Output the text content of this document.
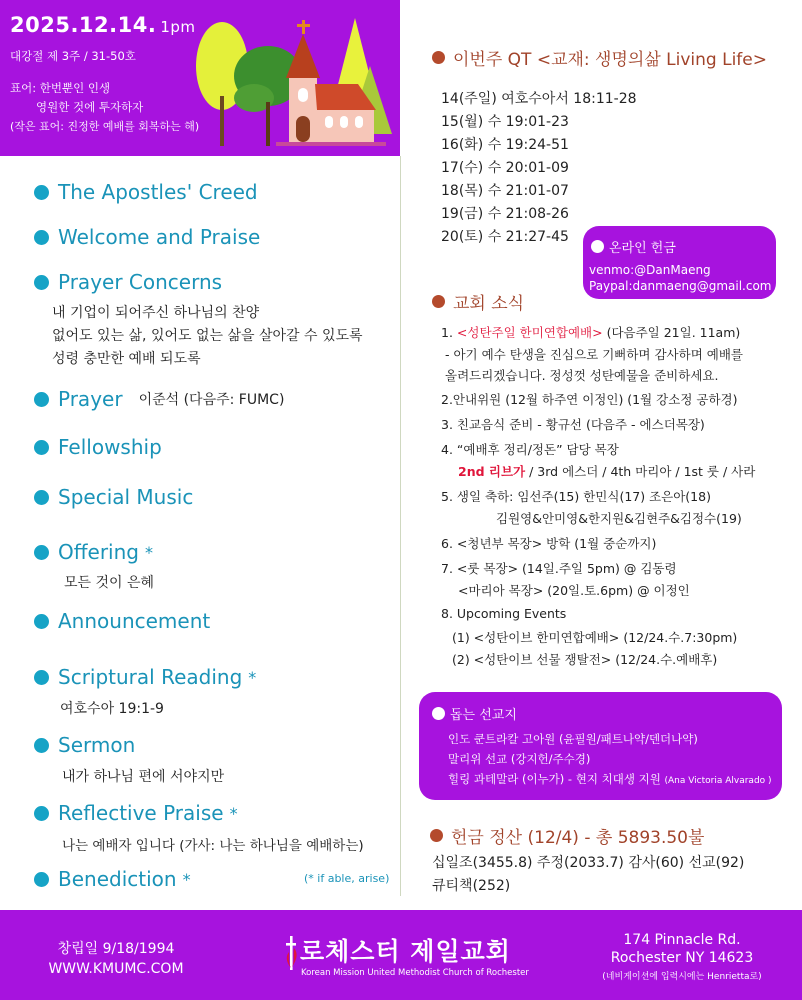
2025.12.14. 1pm
대강절 제 3주 / 31-50호
표어: 한번뿐인 인생
영원한 것에 투자하자
(작은 표어: 진정한 예배를 회복하는 해)
The Apostles' Creed
Welcome and Praise
Prayer Concerns
내 기업이 되어주신 하나님의 찬양
없어도 있는 삶, 있어도 없는 삶을 살아갈 수 있도록
성령 충만한 예배 되도록
Prayer 이준석 (다음주: FUMC)
Fellowship
Special Music
Offering *
모든 것이 은혜
Announcement
Scriptural Reading *
여호수아 19:1-9
Sermon
내가 하나님 편에 서야지만
Reflective Praise *
나는 예배자 입니다 (가사: 나는 하나님을 예배하는)
Benediction *	(* if able, arise)
이번주 QT <교재: 생명의삶 Living Life>
14(주일) 여호수아서 18:11-28
15(월) 수 19:01-23
16(화) 수 19:24-51
17(수) 수 20:01-09
18(목) 수 21:01-07
19(금) 수 21:08-26
20(토) 수 21:27-45
온라인 헌금
venmo:@DanMaeng
Paypal:danmaeng@gmail.com
교회 소식
1. <성탄주일 한미연합예배> (다음주일 21일. 11am)
- 아기 예수 탄생을 진심으로 기뻐하며 감사하며 예배를
올려드리겠습니다. 정성껏 성탄예물을 준비하세요.
2.안내위원 (12월 하주연 이정인) (1월 강소정 공하경)
3. 친교음식 준비 - 황규선 (다음주 - 에스더목장)
4. “예배후 정리/정돈” 담당 목장
2nd 리브가 / 3rd 에스더 / 4th 마리아 / 1st 룻 / 사라
5. 생일 축하: 임선주(15) 한민식(17) 조은아(18)
김원영&안미영&한지원&김현주&김정수(19)
6. <청년부 목장> 방학 (1월 중순까지)
7. <룻 목장> (14일.주일 5pm) @ 김동령
<마리아 목장> (20일.토.6pm) @ 이정인
8. Upcoming Events
(1) <성탄이브 한미연합예배> (12/24.수.7:30pm)
(2) <성탄이브 선물 쟁탈전> (12/24.수.예배후)
돕는 선교지
인도 쿤트라칼 고아원 (윤필원/패트나약/덴더나약)
말리위 선교 (강지헌/주수경)
힐링 과테말라 (이누가) - 현지 치대생 지원 (Ana Victoria Alvarado )
헌금 정산 (12/4) - 총 5893.50불
십일조(3455.8) 주정(2033.7) 감사(60) 선교(92)
큐티책(252)
창립일 9/18/1994
WWW.KMUMC.COM
로체스터 제일교회
Korean Mission United Methodist Church of Rochester
174 Pinnacle Rd.
Rochester NY 14623
(네비게이션에 입력시에는 Henrietta로)
